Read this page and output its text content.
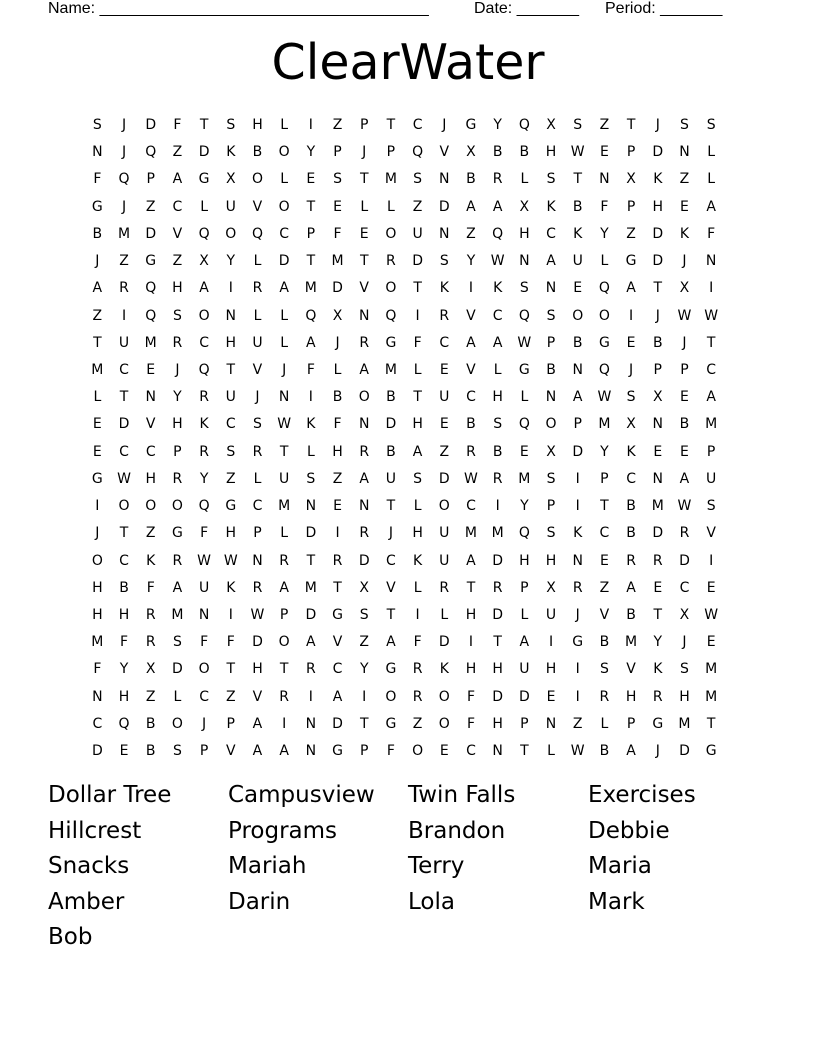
Name: _____________________________________	Date: _______ Period: _______
ClearWater
S	J	D	F	T	S	H	L	I	Z	P	T	C	J	G	Y	Q	X	S	Z	T	J	S	S
N	J	Q	Z	D	K	B	O	Y	P	J	P	Q	V	X	B	B	H	W	E	P	D	N	L
F	Q	P	A	G	X	O	L	E	S	T	M	S	N	B	R	L	S	T	N	X	K	Z	L
G	J	Z	C	L	U	V	O	T	E	L	L	Z	D	A	A	X	K	B	F	P	H	E	A
B	M	D	V	Q	O	Q	C	P	F	E	O	U	N	Z	Q	H	C	K	Y	Z	D	K	F
J	Z	G	Z	X	Y	L	D	T	M	T	R	D	S	Y	W	N	A	U	L	G	D	J	N
A	R	Q	H	A	I	R	A	M	D	V	O	T	K	I	K	S	N	E	Q	A	T	X	I
Z	I	Q	S	O	N	L	L	Q	X	N	Q	I	R	V	C	Q	S	O	O	I	J	W W
T	U	M	R	C	H	U	L	A	J	R	G	F	C	A	A	W	P	B	G	E	B	J	T
M	C	E	J	Q	T	V	J	F	L	A	M	L	E	V	L	G	B	N	Q	J	P	P	C
L	T	N	Y	R	U	J	N	I	B	O	B	T	U	C	H	L	N	A	W	S	X	E	A
E	D	V	H	K	C	S	W	K	F	N	D	H	E	B	S	Q	O	P	M	X	N	B	M
E	C	C	P	R	S	R	T	L	H	R	B	A	Z	R	B	E	X	D	Y	K	E	E	P
G	W	H	R	Y	Z	L	U	S	Z	A	U	S	D	W	R	M	S	I	P	C	N	A	U
I	O	O	O	Q	G	C	M	N	E	N	T	L	O	C	I	Y	P	I	T	B	M W	S
J	T	Z	G	F	H	P	L	D	I	R	J	H	U	M	M	Q	S	K	C	B	D	R	V
O	C	K	R	W W	N	R	T	R	D	C	K	U	A	D	H	H	N	E	R	R	D	I
H	B	F	A	U	K	R	A	M	T	X	V	L	R	T	R	P	X	R	Z	A	E	C	E
H	H	R	M	N	I	W	P	D	G	S	T	I	L	H	D	L	U	J	V	B	T	X	W
M	F	R	S	F	F	D	O	A	V	Z	A	F	D	I	T	A	I	G	B	M	Y	J	E
F	Y	X	D	O	T	H	T	R	C	Y	G	R	K	H	H	U	H	I	S	V	K	S	M
N	H	Z	L	C	Z	V	R	I	A	I	O	R	O	F	D	D	E	I	R	H	R	H	M
C	Q	B	O	J	P	A	I	N	D	T	G	Z	O	F	H	P	N	Z	L	P	G	M	T
D	E	B	S	P	V	A	A	N	G	P	F	O	E	C	N	T	L	W	B	A	J	D	G
Dollar Tree	Campusview	Twin Falls	Exercises
Hillcrest	Programs	Brandon	Debbie
Snacks	Mariah	Terry	Maria
Amber	Darin	Lola	Mark
Bob
